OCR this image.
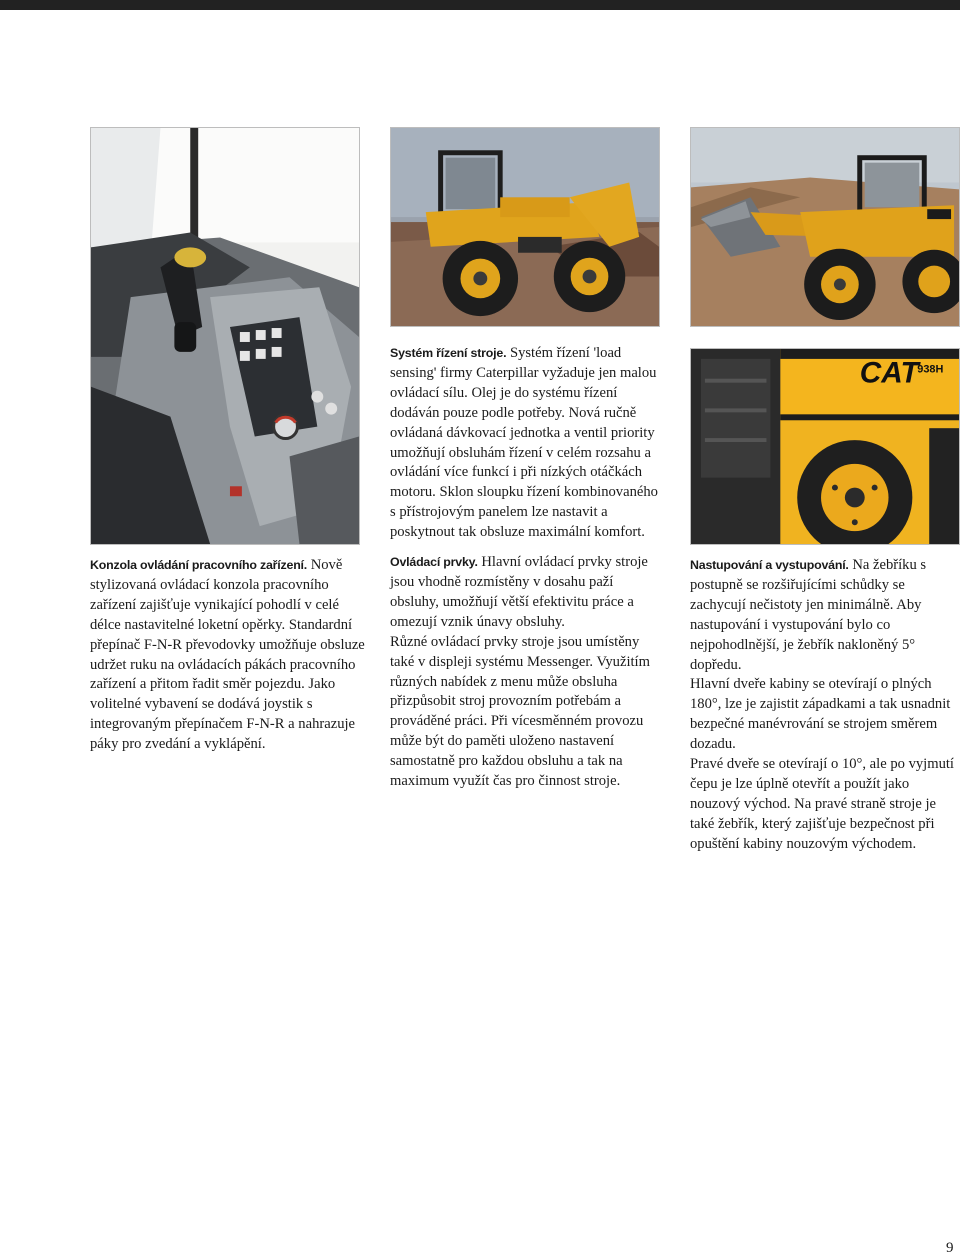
CAT
938H

Konzola ovládání pracovního zařízení. Nově stylizovaná ovládací konzola pracovního zařízení zajišťuje vynikající pohodlí v celé délce nastavitelné loketní opěrky. Standardní přepínač F-N-R převodovky umožňuje obsluze udržet ruku na ovládacích pákách pracovního zařízení a přitom řadit směr pojezdu. Jako volitelné vybavení se dodává joystik s integrovaným přepínačem F-N-R a nahrazuje páky pro zvedání a vyklápění.

Systém řízení stroje. Systém řízení 'load sensing' firmy Caterpillar vyžaduje jen malou ovládací sílu. Olej je do systému řízení dodáván pouze podle potřeby. Nová ručně ovládaná dávkovací jednotka a ventil priority umožňují obsluhám řízení v celém rozsahu a ovládání více funkcí i při nízkých otáčkách motoru. Sklon sloupku řízení kombinovaného s přístrojovým panelem lze nastavit a poskytnout tak obsluze maximální komfort.

Ovládací prvky. Hlavní ovládací prvky stroje jsou vhodně rozmístěny v dosahu paží obsluhy, umožňují větší efektivitu práce a omezují vznik únavy obsluhy.

Různé ovládací prvky stroje jsou umístěny také v displeji systému Messenger. Využitím různých nabídek z menu může obsluha přizpůsobit stroj provozním potřebám a prováděné práci. Při vícesměnném provozu může být do paměti uloženo nastavení samostatně pro každou obsluhu a tak na maximum využít čas pro činnost stroje.

Nastupování a vystupování. Na žebříku s postupně se rozšiřujícími schůdky se zachycují nečistoty jen minimálně. Aby nastupování i vystupování bylo co nejpohodlnější, je žebřík nakloněný 5° dopředu.

Hlavní dveře kabiny se otevírají o plných 180°, lze je zajistit západkami a tak usnadnit bezpečné manévrování se strojem směrem dozadu.

Pravé dveře se otevírají o 10°, ale po vyjmutí čepu je lze úplně otevřít a použít jako nouzový východ. Na pravé straně stroje je také žebřík, který zajišťuje bezpečnost při opuštění kabiny nouzovým východem.

9
